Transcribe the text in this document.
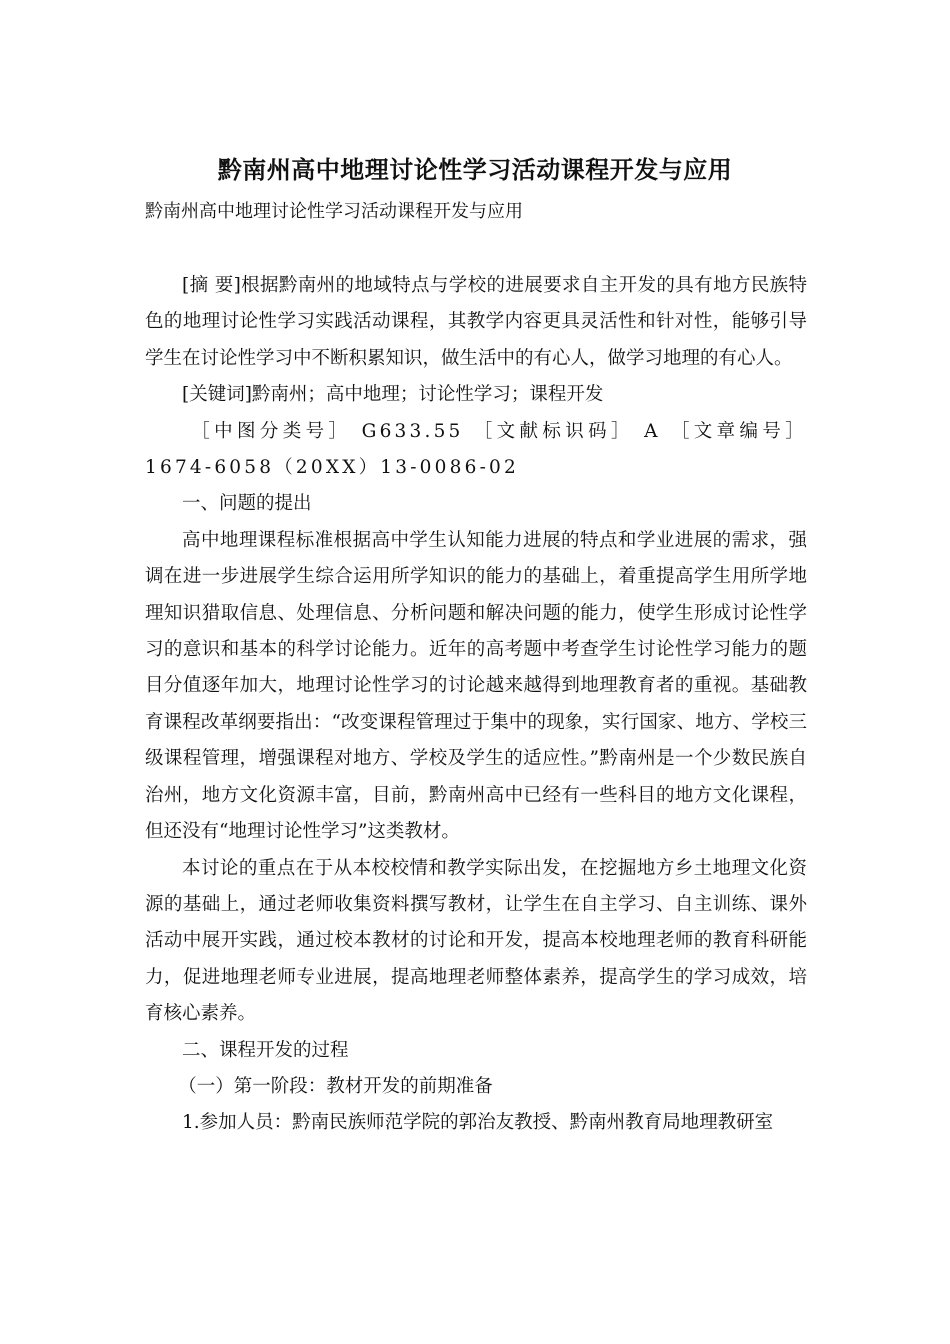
黔南州高中地理讨论性学习活动课程开发与应用
黔南州高中地理讨论性学习活动课程开发与应用

[摘 要]根据黔南州的地域特点与学校的进展要求自主开发的具有地方民族特色的地理讨论性学习实践活动课程，其教学内容更具灵活性和针对性，能够引导学生在讨论性学习中不断积累知识，做生活中的有心人，做学习地理的有心人。

[关键词]黔南州；高中地理；讨论性学习；课程开发

［中图分类号］ G633.55 ［文献标识码］ A ［文章编号］ 1674-6058（20XX）13-0086-02

一、问题的提出

高中地理课程标准根据高中学生认知能力进展的特点和学业进展的需求，强调在进一步进展学生综合运用所学知识的能力的基础上，着重提高学生用所学地理知识猎取信息、处理信息、分析问题和解决问题的能力，使学生形成讨论性学习的意识和基本的科学讨论能力。近年的高考题中考查学生讨论性学习能力的题目分值逐年加大，地理讨论性学习的讨论越来越得到地理教育者的重视。基础教育课程改革纲要指出：“改变课程管理过于集中的现象，实行国家、地方、学校三级课程管理，增强课程对地方、学校及学生的适应性。”黔南州是一个少数民族自治州，地方文化资源丰富，目前，黔南州高中已经有一些科目的地方文化课程，但还没有“地理讨论性学习”这类教材。

本讨论的重点在于从本校校情和教学实际出发，在挖掘地方乡土地理文化资源的基础上，通过老师收集资料撰写教材，让学生在自主学习、自主训练、课外活动中展开实践，通过校本教材的讨论和开发，提高本校地理老师的教育科研能力，促进地理老师专业进展，提高地理老师整体素养，提高学生的学习成效，培育核心素养。

二、课程开发的过程

（一）第一阶段：教材开发的前期准备

1.参加人员：黔南民族师范学院的郭治友教授、黔南州教育局地理教研室
